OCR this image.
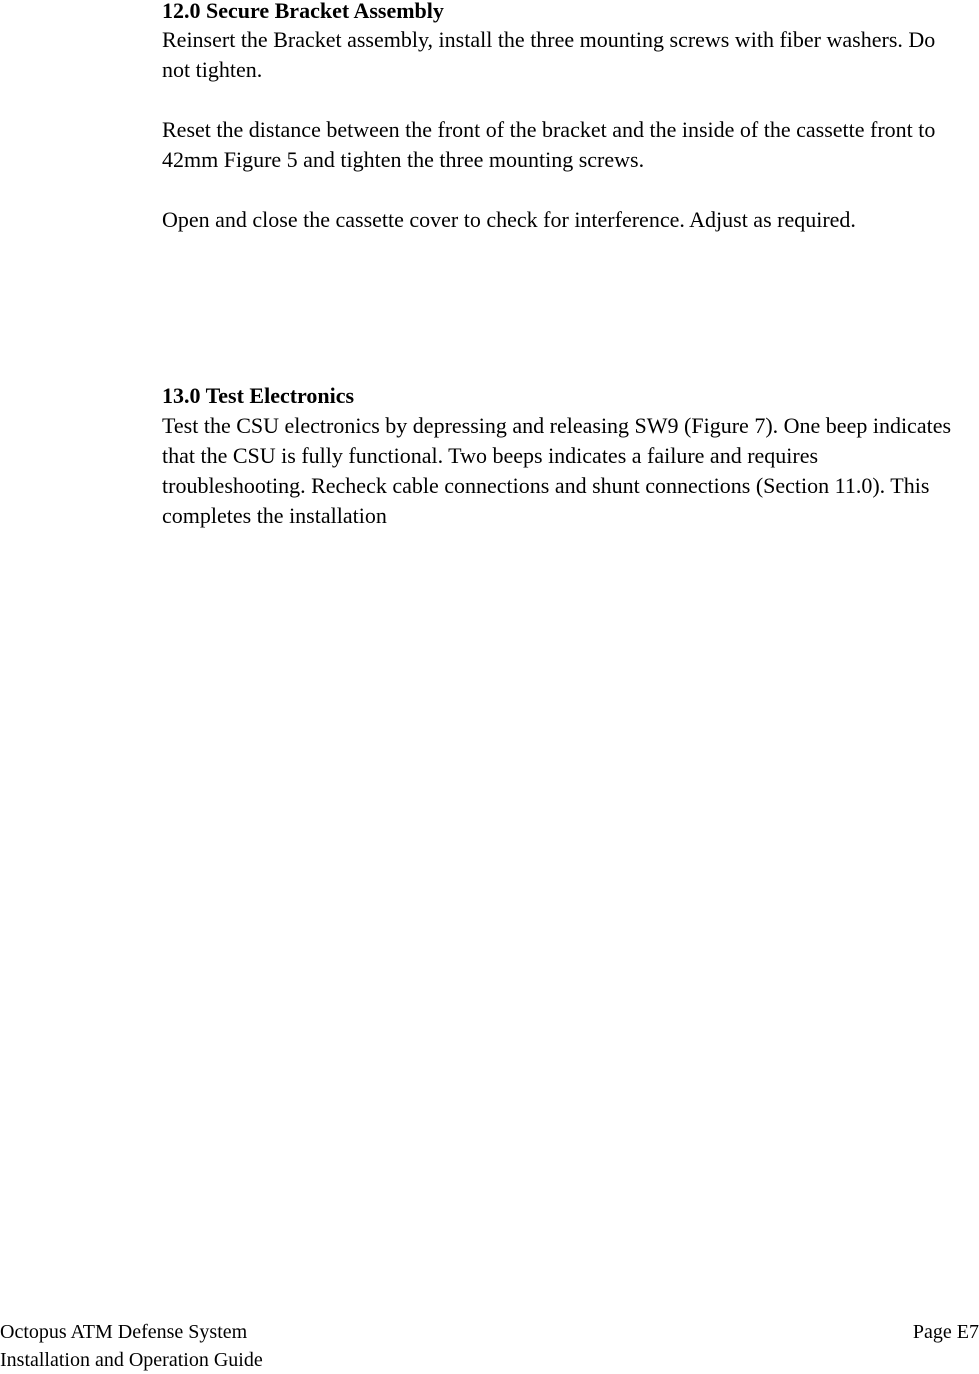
12.0 Secure Bracket Assembly

Reinsert the Bracket assembly, install the three mounting screws with fiber washers. Do not tighten.

Reset the distance between the front of the bracket and the inside of the cassette front to 42mm Figure 5 and tighten the three mounting screws.

Open and close the cassette cover to check for interference. Adjust as required.

13.0 Test Electronics

Test the CSU electronics by depressing and releasing SW9 (Figure 7). One beep indicates that the CSU is fully functional. Two beeps indicates a failure and requires troubleshooting. Recheck cable connections and shunt connections (Section 11.0). This completes the installation

Octopus ATM Defense System
Installation and Operation Guide
Page E7
